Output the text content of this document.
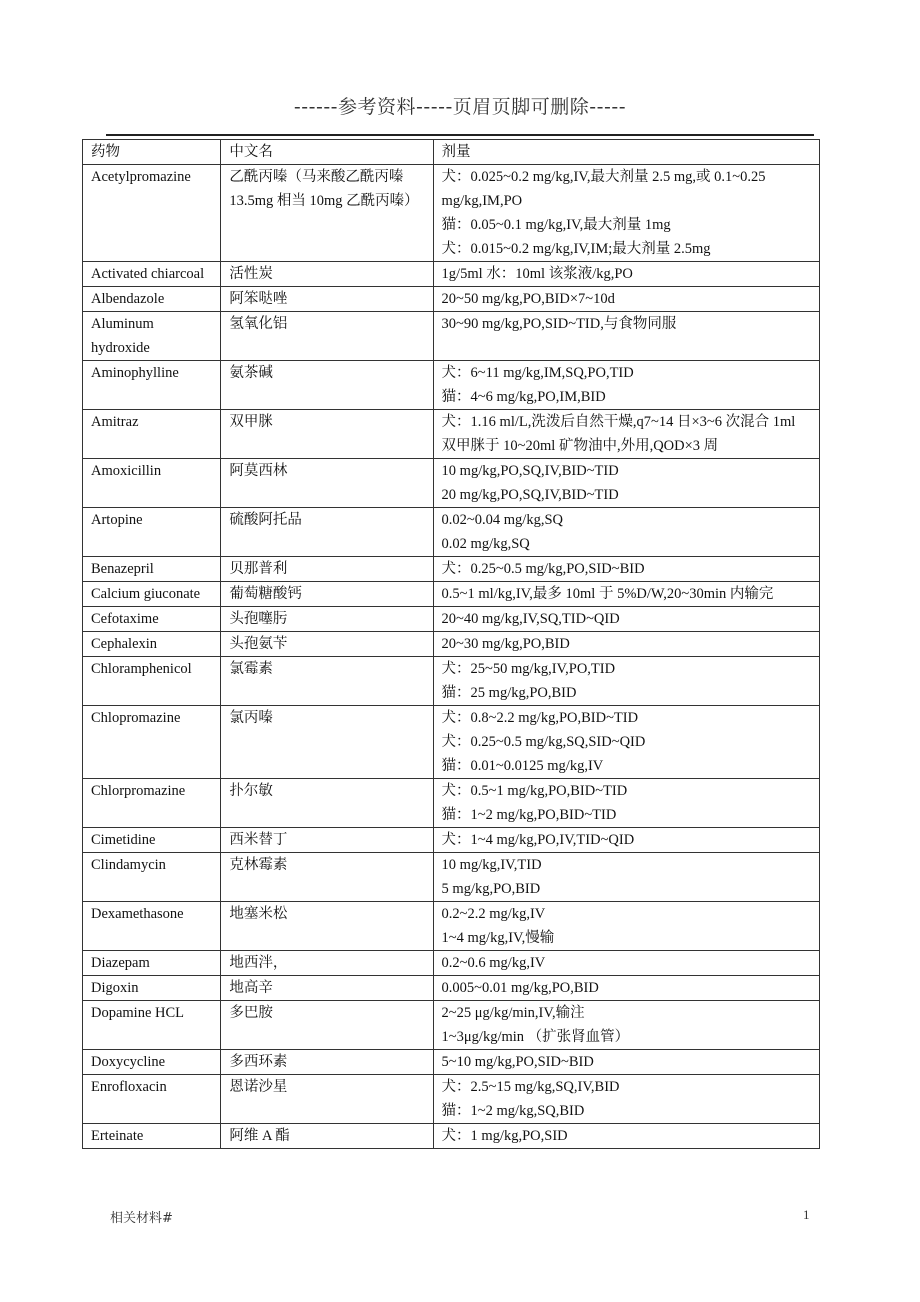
------参考资料-----页眉页脚可删除-----
药物	中文名	剂量
Acetylpromazine	乙酰丙嗪（马来酸乙酰丙嗪13.5mg 相当 10mg 乙酰丙嗪）	犬：0.025~0.2 mg/kg,IV,最大剂量 2.5 mg,或 0.1~0.25 mg/kg,IM,PO
猫：0.05~0.1 mg/kg,IV,最大剂量 1mg
犬：0.015~0.2 mg/kg,IV,IM;最大剂量 2.5mg

Activated chiarcoal	活性炭	1g/5ml 水：10ml 该浆液/kg,PO

Albendazole	阿笨哒唑	20~50 mg/kg,PO,BID×7~10d

Aluminum hydroxide	氢氧化铝	30~90 mg/kg,PO,SID~TID,与食物同服

Aminophylline	氨茶碱	犬：6~11 mg/kg,IM,SQ,PO,TID
猫：4~6 mg/kg,PO,IM,BID

Amitraz	双甲脒	犬：1.16 ml/L,洗泼后自然干燥,q7~14 日×3~6 次混合 1ml 双甲脒于 10~20ml 矿物油中,外用,QOD×3 周

Amoxicillin	阿莫西林	10 mg/kg,PO,SQ,IV,BID~TID
20 mg/kg,PO,SQ,IV,BID~TID

Artopine	硫酸阿托品	0.02~0.04 mg/kg,SQ
0.02 mg/kg,SQ

Benazepril	贝那普利	犬：0.25~0.5 mg/kg,PO,SID~BID

Calcium giuconate	葡萄糖酸钙	0.5~1 ml/kg,IV,最多 10ml 于 5%D/W,20~30min 内输完

Cefotaxime	头孢噻肟	20~40 mg/kg,IV,SQ,TID~QID

Cephalexin	头孢氨苄	20~30 mg/kg,PO,BID

Chloramphenicol	氯霉素	犬：25~50 mg/kg,IV,PO,TID
猫：25 mg/kg,PO,BID

Chlopromazine	氯丙嗪	犬：0.8~2.2 mg/kg,PO,BID~TID
犬：0.25~0.5 mg/kg,SQ,SID~QID
猫：0.01~0.0125 mg/kg,IV

Chlorpromazine	扑尔敏	犬：0.5~1 mg/kg,PO,BID~TID
猫：1~2 mg/kg,PO,BID~TID

Cimetidine	西米替丁	犬：1~4 mg/kg,PO,IV,TID~QID

Clindamycin	克林霉素	10 mg/kg,IV,TID
5 mg/kg,PO,BID

Dexamethasone	地塞米松	0.2~2.2 mg/kg,IV
1~4 mg/kg,IV,慢输

Diazepam	地西泮，	0.2~0.6 mg/kg,IV

Digoxin	地高辛	0.005~0.01 mg/kg,PO,BID

Dopamine HCL	多巴胺	2~25 μg/kg/min,IV,输注
1~3μg/kg/min （扩张肾血管）

Doxycycline	多西环素	5~10 mg/kg,PO,SID~BID

Enrofloxacin	恩诺沙星	犬：2.5~15 mg/kg,SQ,IV,BID
猫：1~2 mg/kg,SQ,BID

Erteinate	阿维 A 酯	犬：1 mg/kg,PO,SID
相关材料#	1
